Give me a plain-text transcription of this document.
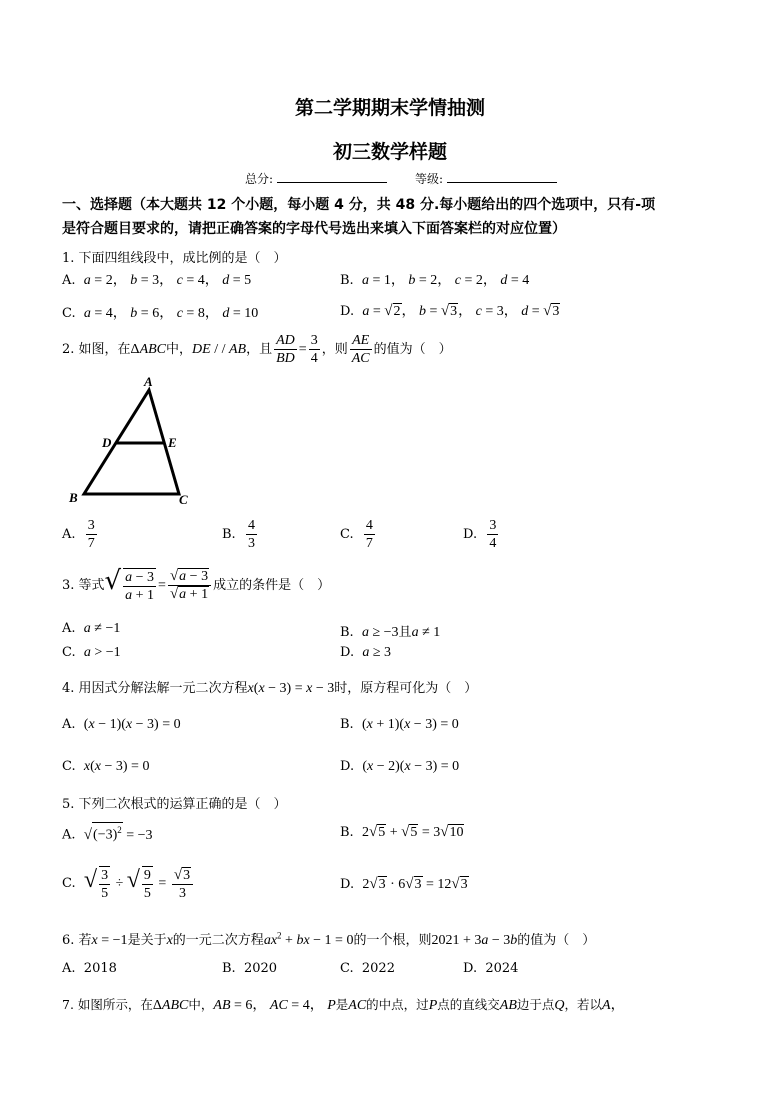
第二学期期末学情抽测
初三数学样题
总分:	等级:
一、选择题（本大题共 12 个小题，每小题 4 分，共 48 分.每小题给出的四个选项中，只有-项
是符合题目要求的，请把正确答案的字母代号选出来填入下面答案栏的对应位置）
1. 下面四组线段中，成比例的是（　）
A. a = 2， b = 3， c = 4， d = 5	B. a = 1， b = 2， c = 2， d = 4
C. a = 4， b = 6， c = 8， d = 10	D. a = √2， b = √3， c = 3， d = √3
2. 如图，在ΔABC中，DE / / AB，且 $\frac{AD}{BD} = \frac{3}{4}$ ，则 $\frac{AE}{AC}$ 的值为（　）
A
D	E
B	C
A. $\frac{3}{7}$	B. $\frac{4}{3}$	C. $\frac{4}{7}$	D. $\frac{3}{4}$
3. 等式√ $\frac{a - 3}{a + 1} = \frac{√a - 3}{√a + 1}$ 成立的条件是（　）
A. a ≠ −1	B. a ≥ −3且a ≠ 1
C. a > −1	D. a ≥ 3
4. 用因式分解法解一元二次方程x(x − 3) = x − 3时，原方程可化为（　）
A. (x − 1)(x − 3) = 0	B. (x + 1)(x − 3) = 0
C. x(x − 3) = 0	D. (x − 2)(x − 3) = 0
5. 下列二次根式的运算正确的是（　）
A. $√(-3)^2 = -3$	B. 2√5 + √5 = 3√10
C. √ $\frac{3}{5}$ ÷ √ $\frac{9}{5} = \frac{√3}{3}$	D. 2√3 · 6√3 = 12√3
6. 若x = −1是关于x的一元二次方程$ax^2$ + bx − 1 = 0的一个根，则2021 + 3a − 3b的值为（　）
A. 2018	B. 2020	C. 2022	D. 2024
7. 如图所示，在ΔABC中，AB = 6， AC = 4， P是AC的中点，过P点的直线交AB边于点Q，若以A，
